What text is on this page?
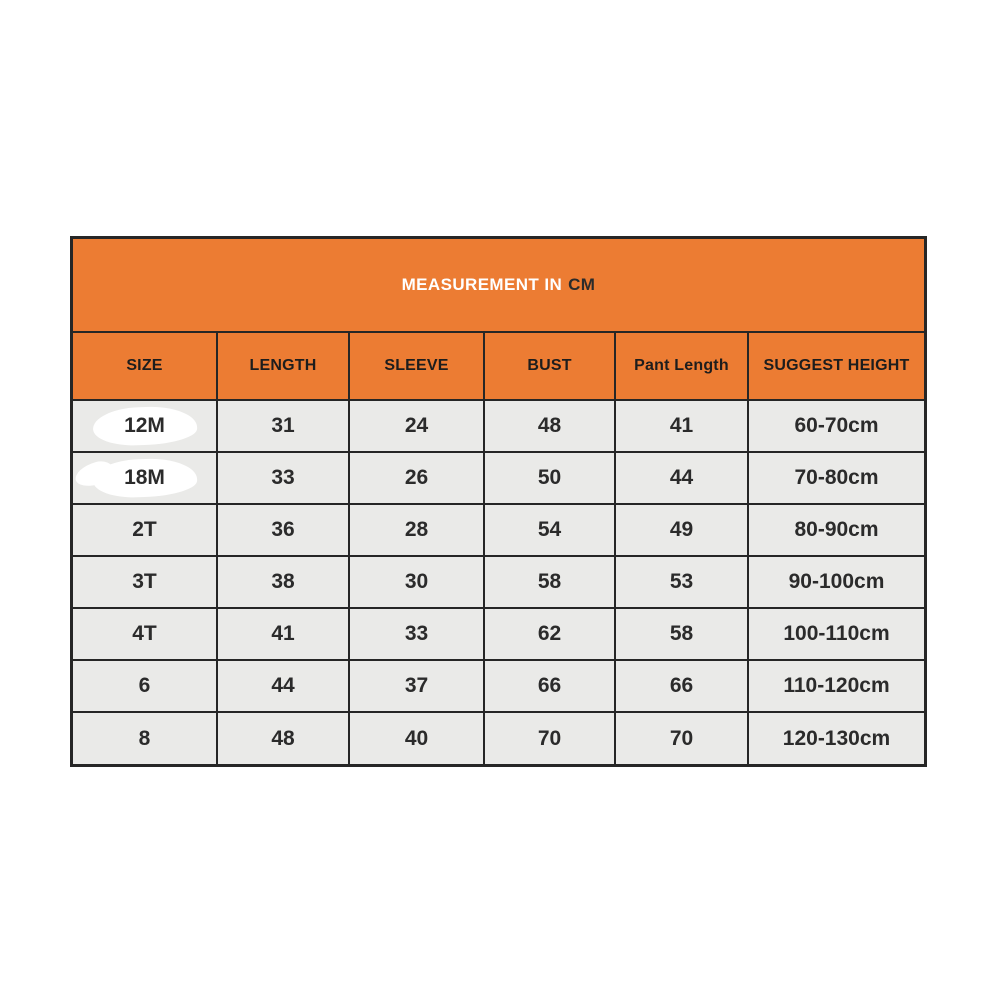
MEASUREMENT IN CM
SIZE	LENGTH	SLEEVE	BUST	Pant Length	SUGGEST HEIGHT

12M	31	24	48	41	60-70cm

18M	33	26	50	44	70-80cm
2T	36	28	54	49	80-90cm
3T	38	30	58	53	90-100cm
4T	41	33	62	58	100-110cm
6	44	37	66	66	110-120cm
8	48	40	70	70	120-130cm
